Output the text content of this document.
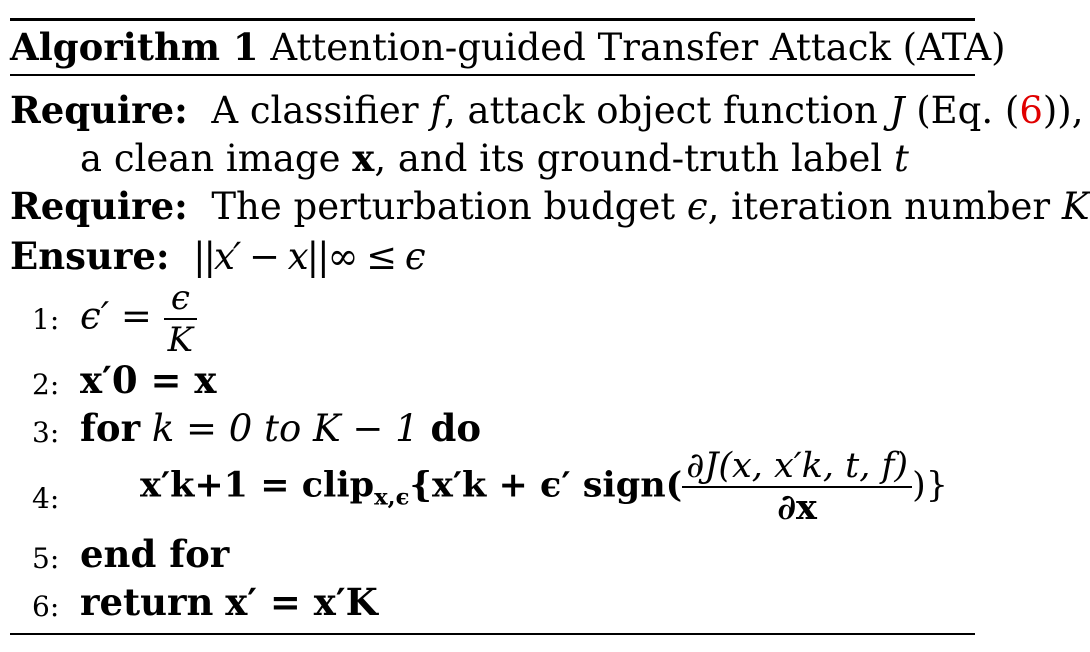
Algorithm 1 Attention-guided Transfer Attack (ATA)
Require: A classifier f, attack object function J (Eq. (6)),
a clean image x, and its ground-truth label t
Require: The perturbation budget ϵ, iteration number K
Ensure: ||x′ − x||∞ ≤ ϵ
1: $\epsilon' = \frac{\epsilon}{K}$
2: x′0 = x
3: for k = 0 to K − 1 do
4: x′k+1 = clip$_{x,\epsilon}${x′k + ϵ′ sign( $\frac{\partial J(x, x'k, t, f)}{\partial x}$ )}
5: end for
6: return x′ = x′K
